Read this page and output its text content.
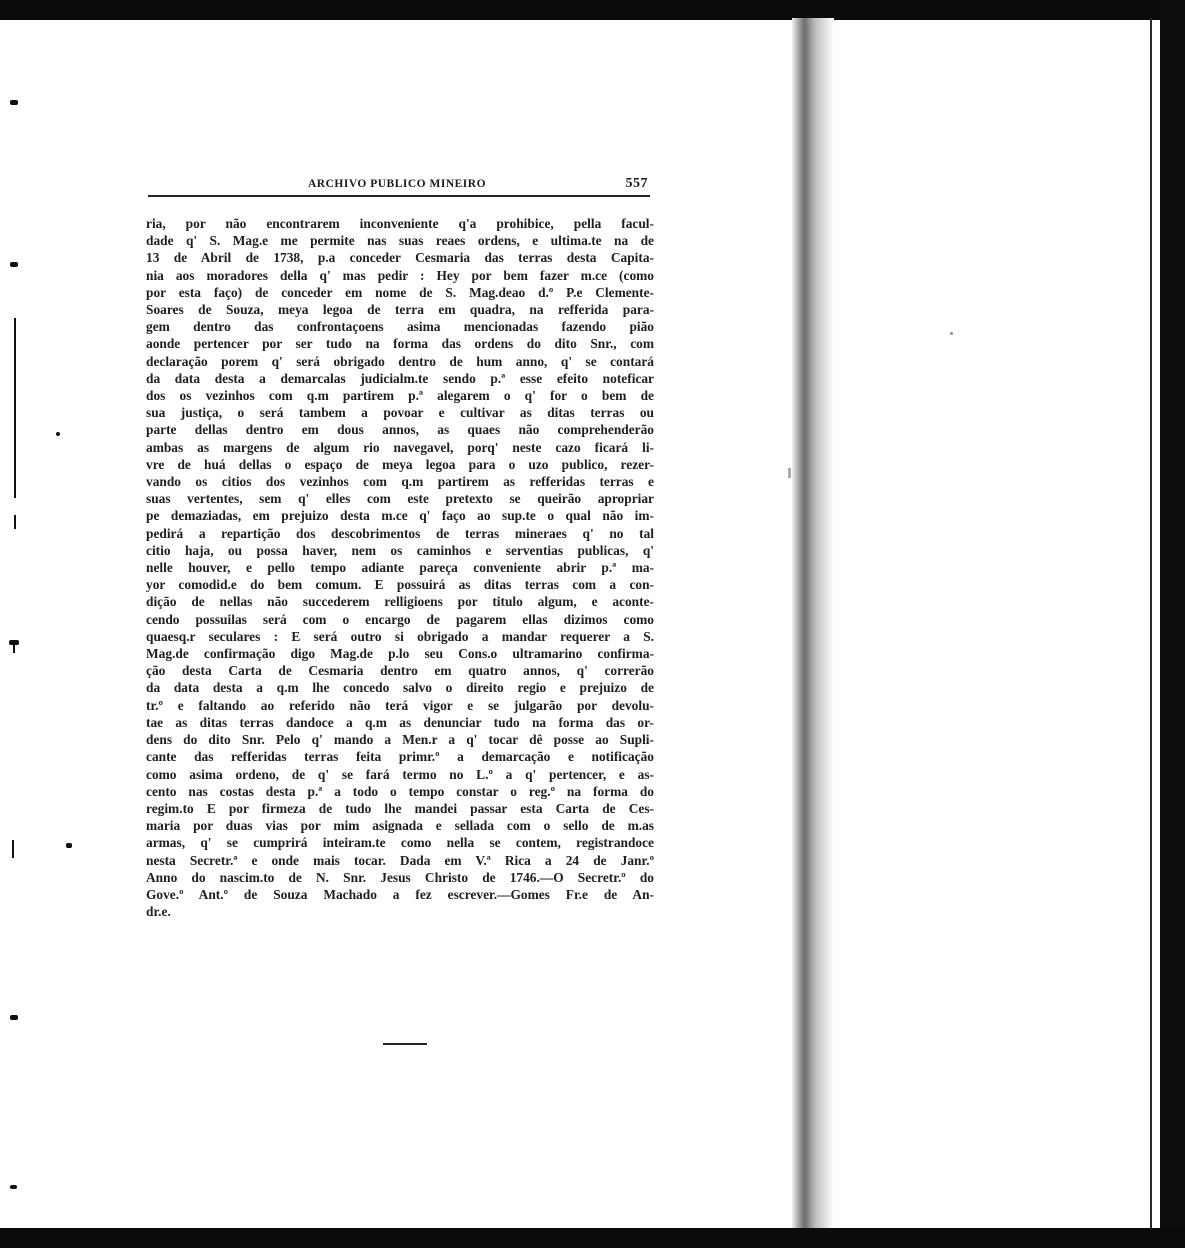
ARCHIVO PUBLICO MINEIRO	557

ria, por não encontrarem inconveniente q'a prohibice, pella facul-

dade q' S. Mag.e me permite nas suas reaes ordens, e ultima.te na de

13 de Abril de 1738, p.a conceder Cesmaria das terras desta Capita-

nia aos moradores della q' mas pedir : Hey por bem fazer m.ce (como

por esta faço) de conceder em nome de S. Mag.deao d.º P.e Clemente-

Soares de Souza, meya legoa de terra em quadra, na refferida para-

gem dentro das confrontaçoens asima mencionadas fazendo pião

aonde pertencer por ser tudo na forma das ordens do dito Snr., com

declaração porem q' será obrigado dentro de hum anno, q' se contará

da data desta a demarcalas judicialm.te sendo p.ª esse efeito noteficar

dos os vezinhos com q.m partirem p.ª alegarem o q' for o bem de

sua justiça, o será tambem a povoar e cultivar as ditas terras ou

parte dellas dentro em dous annos, as quaes não comprehenderão

ambas as margens de algum rio navegavel, porq' neste cazo ficará li-

vre de huá dellas o espaço de meya legoa para o uzo publico, rezer-

vando os citios dos vezinhos com q.m partirem as refferidas terras e

suas vertentes, sem q' elles com este pretexto se queirão apropriar

pe demaziadas, em prejuizo desta m.ce q' faço ao sup.te o qual não im-

pedirá a repartição dos descobrimentos de terras mineraes q' no tal

citio haja, ou possa haver, nem os caminhos e serventias publicas, q'

nelle houver, e pello tempo adiante pareça conveniente abrir p.ª ma-

yor comodid.e do bem comum. E possuirá as ditas terras com a con-

dição de nellas não succederem relligioens por titulo algum, e aconte-

cendo possuilas será com o encargo de pagarem ellas dizimos como

quaesq.r seculares : E será outro si obrigado a mandar requerer a S.

Mag.de confirmação digo Mag.de p.lo seu Cons.o ultramarino confirma-

ção desta Carta de Cesmaria dentro em quatro annos, q' correrão

da data desta a q.m lhe concedo salvo o direito regio e prejuizo de

tr.º e faltando ao referido não terá vigor e se julgarão por devolu-

tae as ditas terras dandoce a q.m as denunciar tudo na forma das or-

dens do dito Snr. Pelo q' mando a Men.r a q' tocar dê posse ao Supli-

cante das refferidas terras feita primr.º a demarcação e notificação

como asima ordeno, de q' se fará termo no L.º a q' pertencer, e as-

cento nas costas desta p.ª a todo o tempo constar o reg.º na forma do

regim.to E por firmeza de tudo lhe mandei passar esta Carta de Ces-

maria por duas vias por mim asignada e sellada com o sello de m.as

armas, q' se cumprirá inteiram.te como nella se contem, registrandoce

nesta Secretr.ª e onde mais tocar. Dada em V.ª Rica a 24 de Janr.º

Anno do nascim.to de N. Snr. Jesus Christo de 1746.—O Secretr.º do

Gove.º Ant.º de Souza Machado a fez escrever.—Gomes Fr.e de An-

dr.e.
